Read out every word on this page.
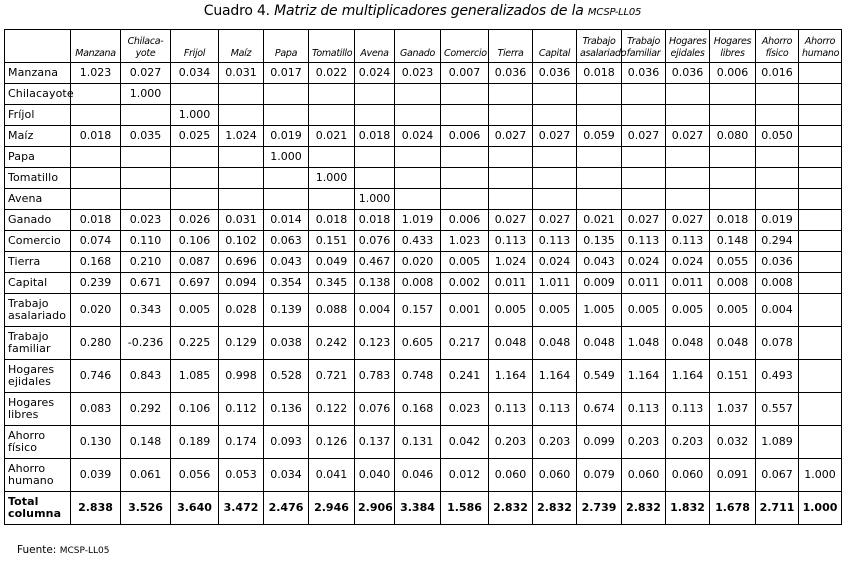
Cuadro 4. Matriz de multiplicadores generalizados de la MCSP-LL05
	Manzana	Chilaca-yote	Frijol	Maíz	Papa	Tomatillo	Avena	Ganado	Comercio	Tierra	Capital	Trabajo asalariado	Trabajo familiar	Hogares ejidales	Hogares libres	Ahorro físico	Ahorro humano
Manzana	1.023	0.027	0.034	0.031	0.017	0.022	0.024	0.023	0.007	0.036	0.036	0.018	0.036	0.036	0.006	0.016	
Chilacayote		1.000															
Fríjol			1.000														
Maíz	0.018	0.035	0.025	1.024	0.019	0.021	0.018	0.024	0.006	0.027	0.027	0.059	0.027	0.027	0.080	0.050	
Papa					1.000												
Tomatillo						1.000											
Avena							1.000										
Ganado	0.018	0.023	0.026	0.031	0.014	0.018	0.018	1.019	0.006	0.027	0.027	0.021	0.027	0.027	0.018	0.019	
Comercio	0.074	0.110	0.106	0.102	0.063	0.151	0.076	0.433	1.023	0.113	0.113	0.135	0.113	0.113	0.148	0.294	
Tierra	0.168	0.210	0.087	0.696	0.043	0.049	0.467	0.020	0.005	1.024	0.024	0.043	0.024	0.024	0.055	0.036	
Capital	0.239	0.671	0.697	0.094	0.354	0.345	0.138	0.008	0.002	0.011	1.011	0.009	0.011	0.011	0.008	0.008	
Trabajo asalariado	0.020	0.343	0.005	0.028	0.139	0.088	0.004	0.157	0.001	0.005	0.005	1.005	0.005	0.005	0.005	0.004	
Trabajo familiar	0.280	-0.236	0.225	0.129	0.038	0.242	0.123	0.605	0.217	0.048	0.048	0.048	1.048	0.048	0.048	0.078	
Hogares ejidales	0.746	0.843	1.085	0.998	0.528	0.721	0.783	0.748	0.241	1.164	1.164	0.549	1.164	1.164	0.151	0.493	
Hogares libres	0.083	0.292	0.106	0.112	0.136	0.122	0.076	0.168	0.023	0.113	0.113	0.674	0.113	0.113	1.037	0.557	
Ahorro físico	0.130	0.148	0.189	0.174	0.093	0.126	0.137	0.131	0.042	0.203	0.203	0.099	0.203	0.203	0.032	1.089	
Ahorro humano	0.039	0.061	0.056	0.053	0.034	0.041	0.040	0.046	0.012	0.060	0.060	0.079	0.060	0.060	0.091	0.067	1.000
Total columna	2.838	3.526	3.640	3.472	2.476	2.946	2.906	3.384	1.586	2.832	2.832	2.739	2.832	1.832	1.678	2.711	1.000
Fuente: MCSP-LL05
